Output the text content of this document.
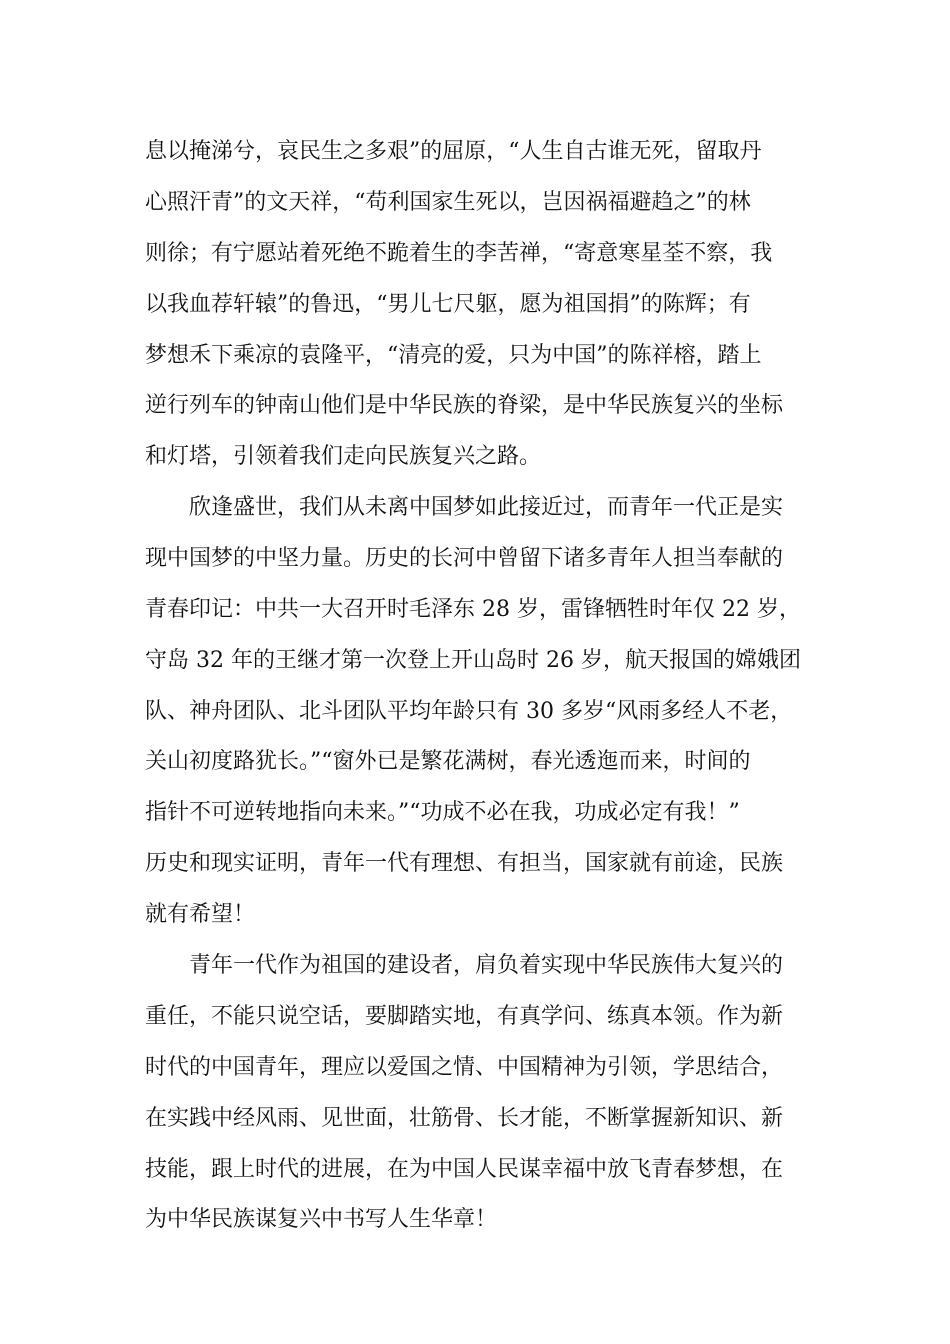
息以掩涕兮，哀民生之多艰”的屈原，“人生自古谁无死，留取丹
心照汗青”的文天祥，“苟利国家生死以，岂因祸福避趋之”的林
则徐；有宁愿站着死绝不跪着生的李苦禅，“寄意寒星荃不察，我
以我血荐轩辕”的鲁迅，“男儿七尺躯，愿为祖国捐”的陈辉；有
梦想禾下乘凉的袁隆平，“清亮的爱，只为中国”的陈祥榕，踏上
逆行列车的钟南山他们是中华民族的脊梁，是中华民族复兴的坐标
和灯塔，引领着我们走向民族复兴之路。
欣逢盛世，我们从未离中国梦如此接近过，而青年一代正是实
现中国梦的中坚力量。历史的长河中曾留下诸多青年人担当奉献的
青春印记：中共一大召开时毛泽东 28 岁，雷锋牺牲时年仅 22 岁，
守岛 32 年的王继才第一次登上开山岛时 26 岁，航天报国的嫦娥团
队、神舟团队、北斗团队平均年龄只有 30 多岁“风雨多经人不老，
关山初度路犹长。”“窗外已是繁花满树，春光透迤而来，时间的
指针不可逆转地指向未来。”“功成不必在我，功成必定有我！”
历史和现实证明，青年一代有理想、有担当，国家就有前途，民族
就有希望！
青年一代作为祖国的建设者，肩负着实现中华民族伟大复兴的
重任，不能只说空话，要脚踏实地，有真学问、练真本领。作为新
时代的中国青年，理应以爱国之情、中国精神为引领，学思结合，
在实践中经风雨、见世面，壮筋骨、长才能，不断掌握新知识、新
技能，跟上时代的进展，在为中国人民谋幸福中放飞青春梦想，在
为中华民族谋复兴中书写人生华章！
